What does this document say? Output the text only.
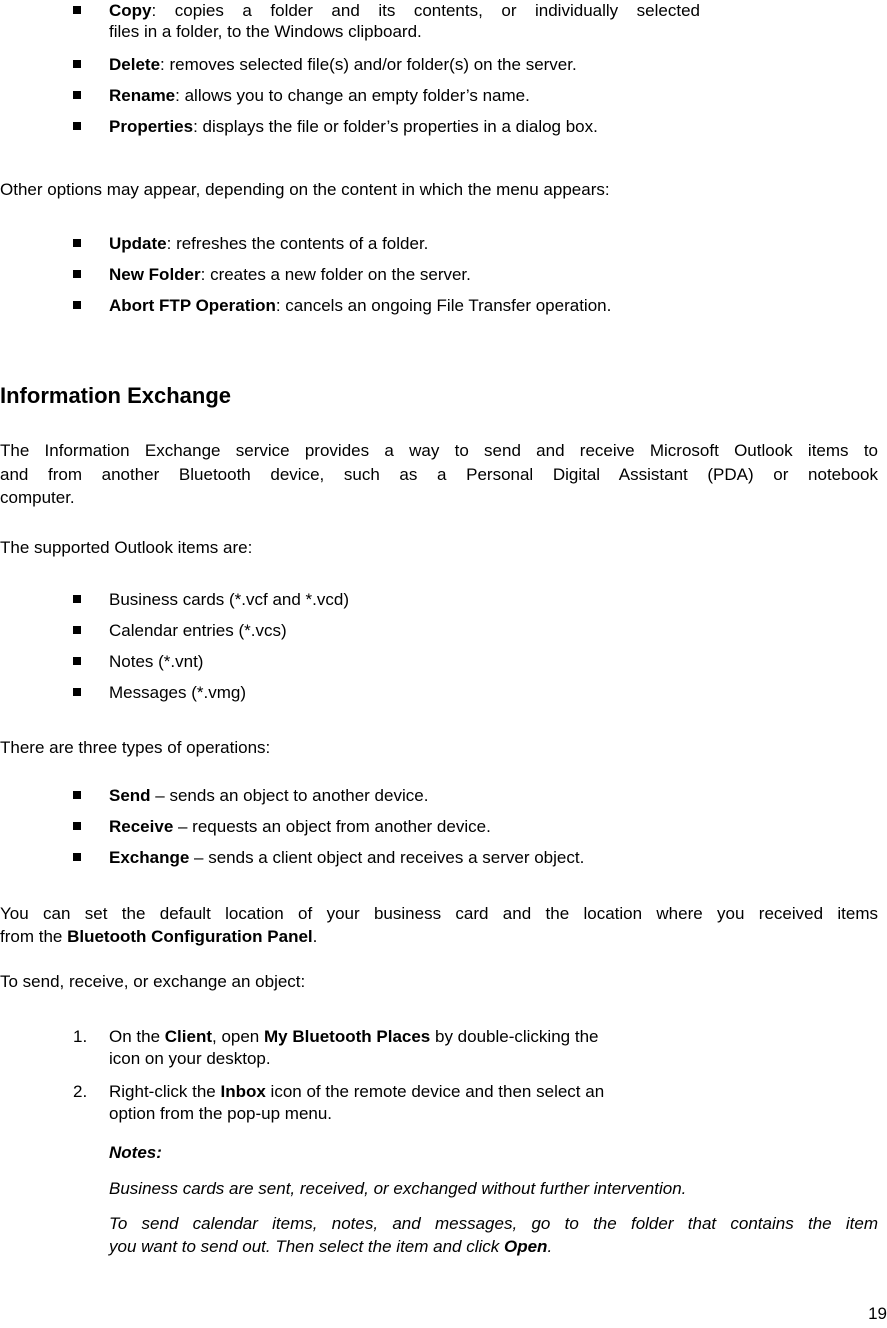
Copy: copies a folder and its contents, or individually selected
files in a folder, to the Windows clipboard.
Delete: removes selected file(s) and/or folder(s) on the server.
Rename: allows you to change an empty folder’s name.
Properties: displays the file or folder’s properties in a dialog box.
Other options may appear, depending on the content in which the menu appears:
Update: refreshes the contents of a folder.
New Folder: creates a new folder on the server.
Abort FTP Operation: cancels an ongoing File Transfer operation.
Information Exchange
The Information Exchange service provides a way to send and receive Microsoft Outlook items to
and from another Bluetooth device, such as a Personal Digital Assistant (PDA) or notebook
computer.
The supported Outlook items are:
Business cards (*.vcf and *.vcd)
Calendar entries (*.vcs)
Notes (*.vnt)
Messages (*.vmg)
There are three types of operations:
Send – sends an object to another device.
Receive – requests an object from another device.
Exchange – sends a client object and receives a server object.
You can set the default location of your business card and the location where you received items
from the Bluetooth Configuration Panel.
To send, receive, or exchange an object:
1. On the Client, open My Bluetooth Places by double-clicking the
icon on your desktop.
2. Right-click the Inbox icon of the remote device and then select an
option from the pop-up menu.
Notes:
Business cards are sent, received, or exchanged without further intervention.
To send calendar items, notes, and messages, go to the folder that contains the item
you want to send out. Then select the item and click Open.
19
